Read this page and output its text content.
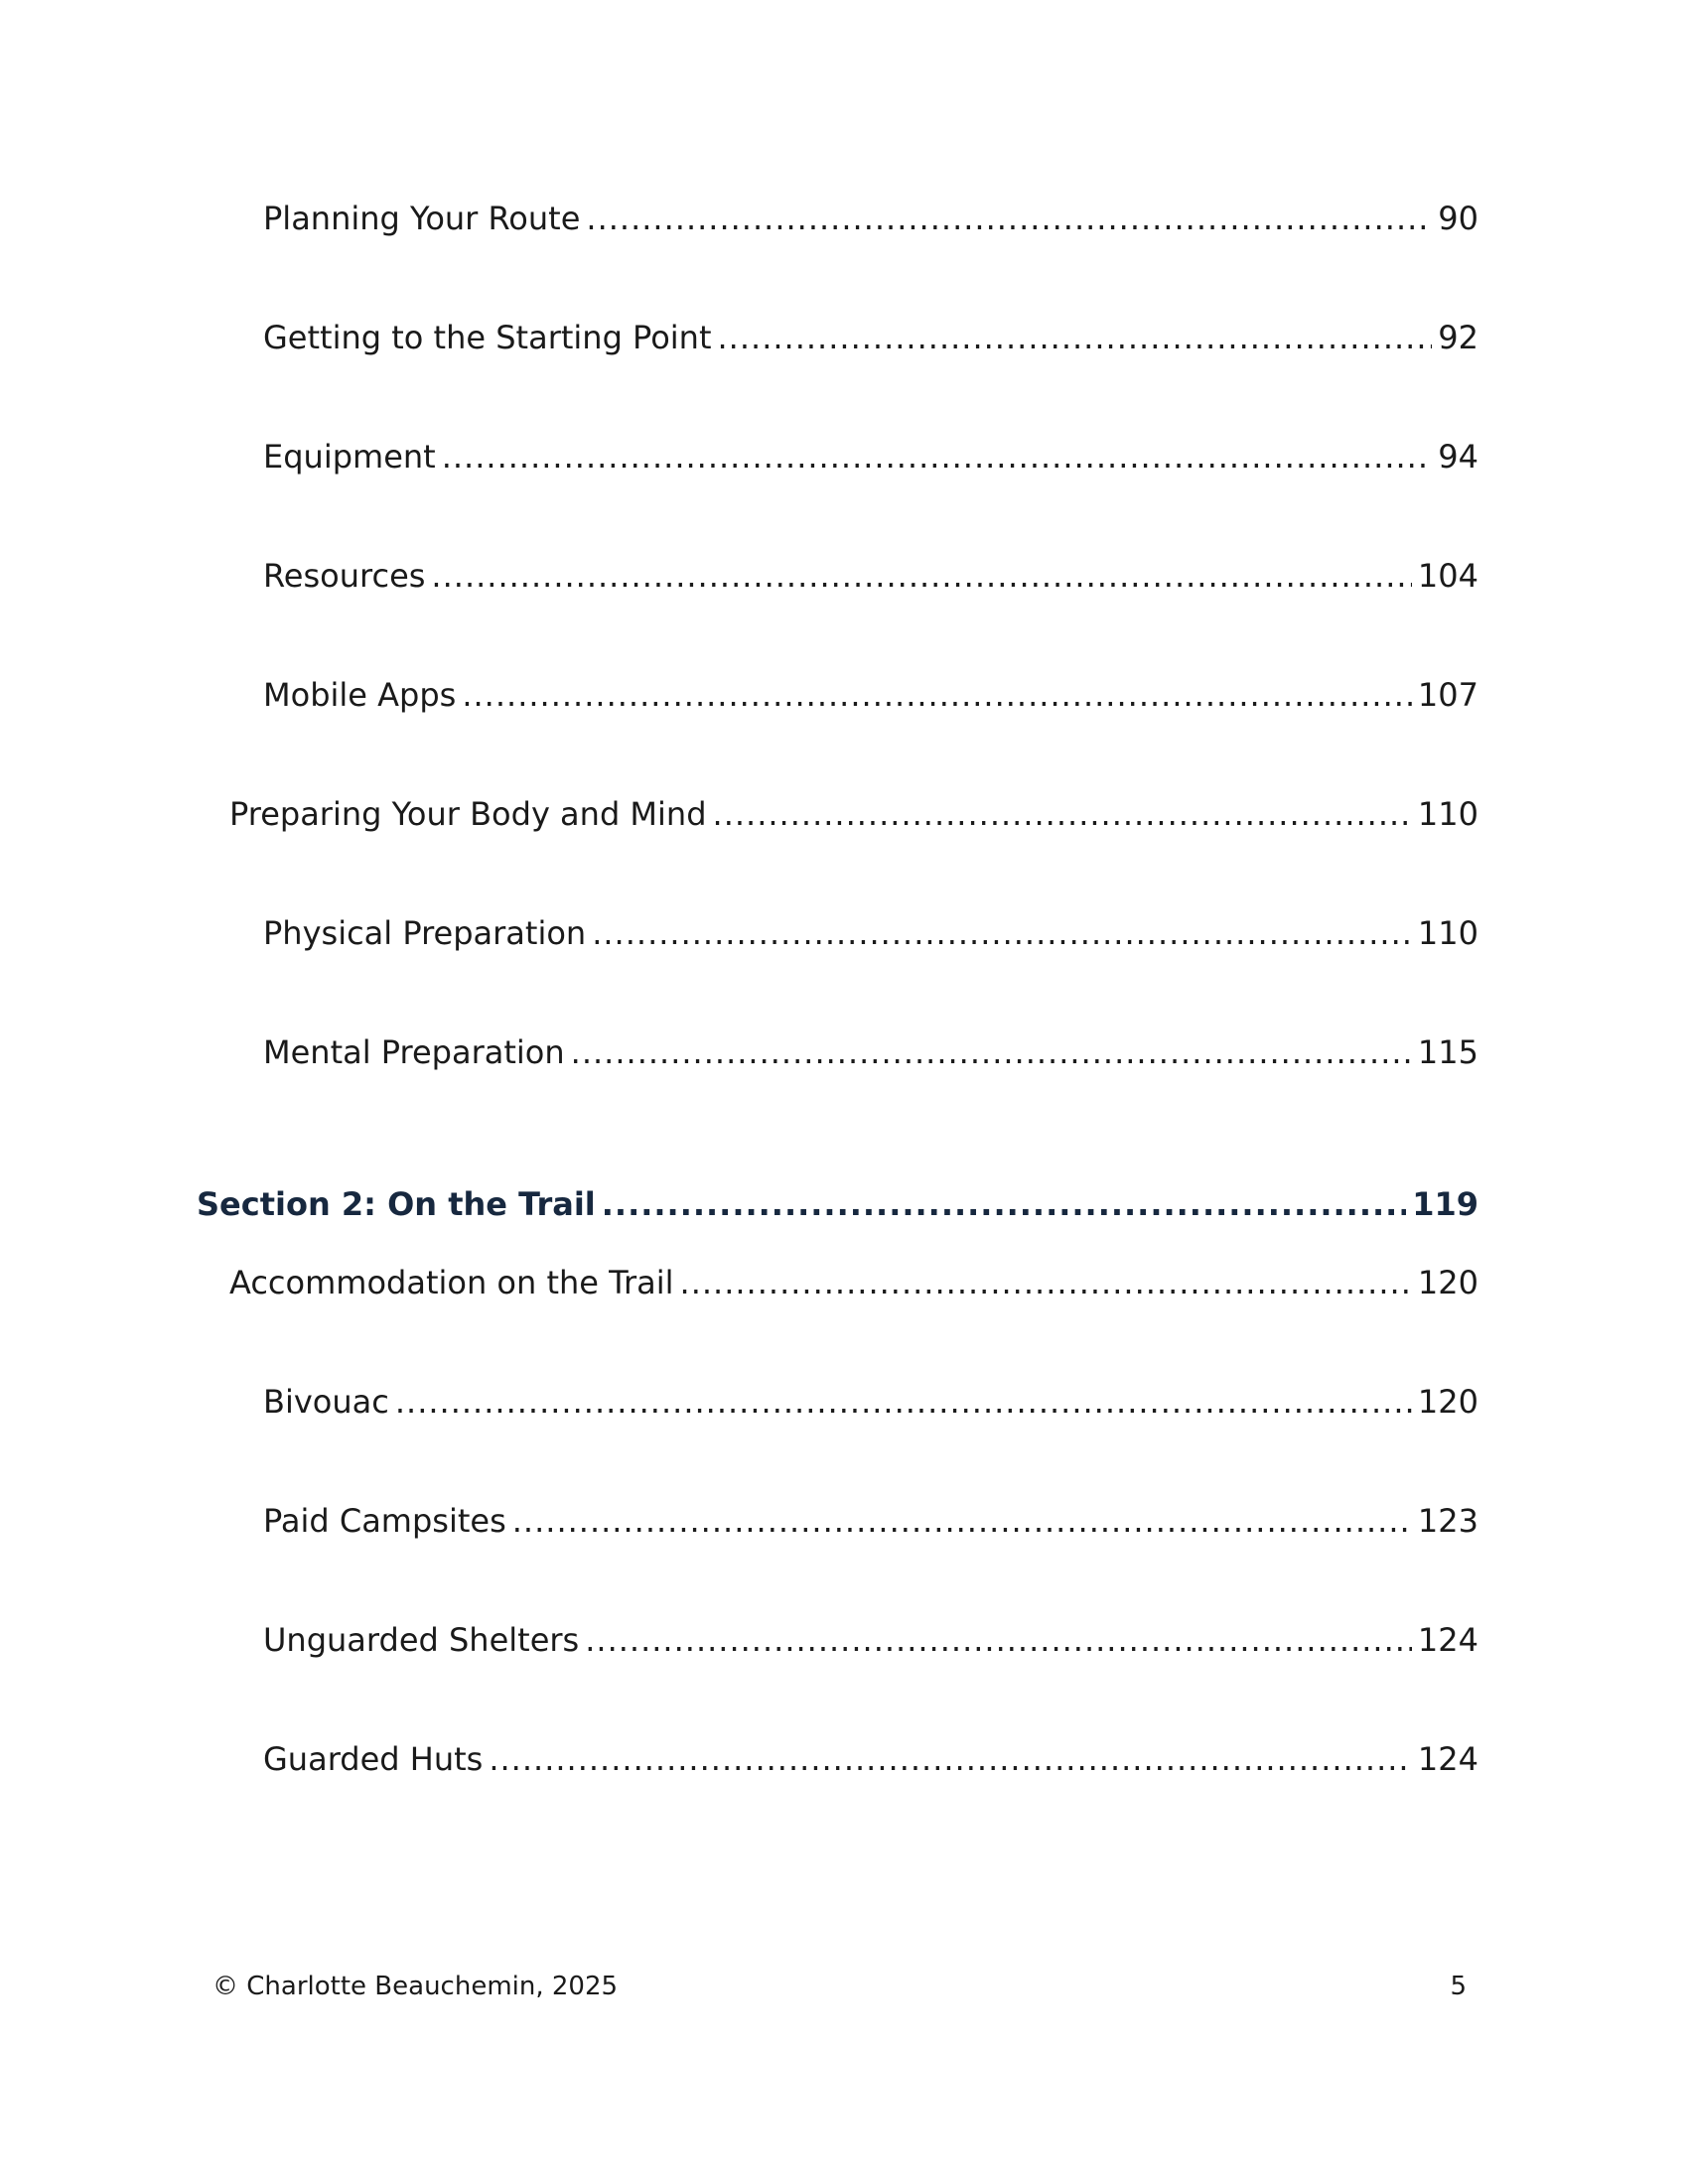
Planning Your Route .....	90
Getting to the Starting Point .....	92
Equipment .....	94
Resources .....	104
Mobile Apps .....	107
Preparing Your Body and Mind .....	110
Physical Preparation .....	110
Mental Preparation .....	115
Section 2: On the Trail .....	119
Accommodation on the Trail .....	120
Bivouac .....	120
Paid Campsites .....	123
Unguarded Shelters .....	124
Guarded Huts .....	124
© Charlotte Beauchemin, 2025	5
